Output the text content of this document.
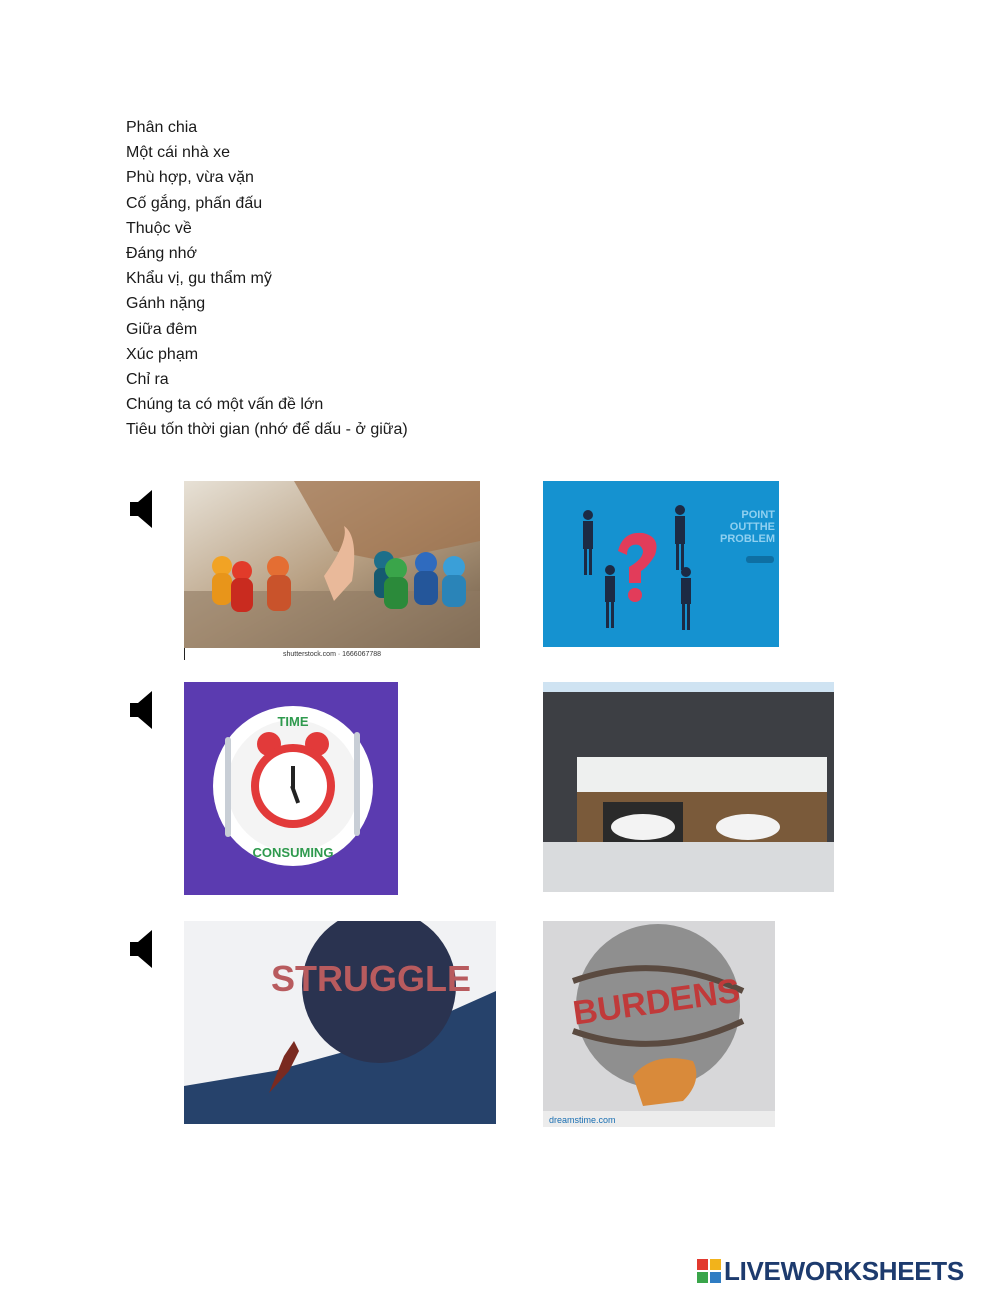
Phân chia
Một cái nhà xe
Phù hợp, vừa vặn
Cố gắng, phấn đấu
Thuộc về
Đáng nhớ
Khẩu vị, gu thẩm mỹ
Gánh nặng
Giữa đêm
Xúc phạm
Chỉ ra
Chúng ta có một vấn đề lớn
Tiêu tốn thời gian (nhớ để dấu - ở giữa)
shutterstock.com · 1666067788
POINT
OUTTHE
PROBLEM
TIME
CONSUMING
STRUGGLE	BURDENS
dreamstime.com
LIVEWORKSHEETS
